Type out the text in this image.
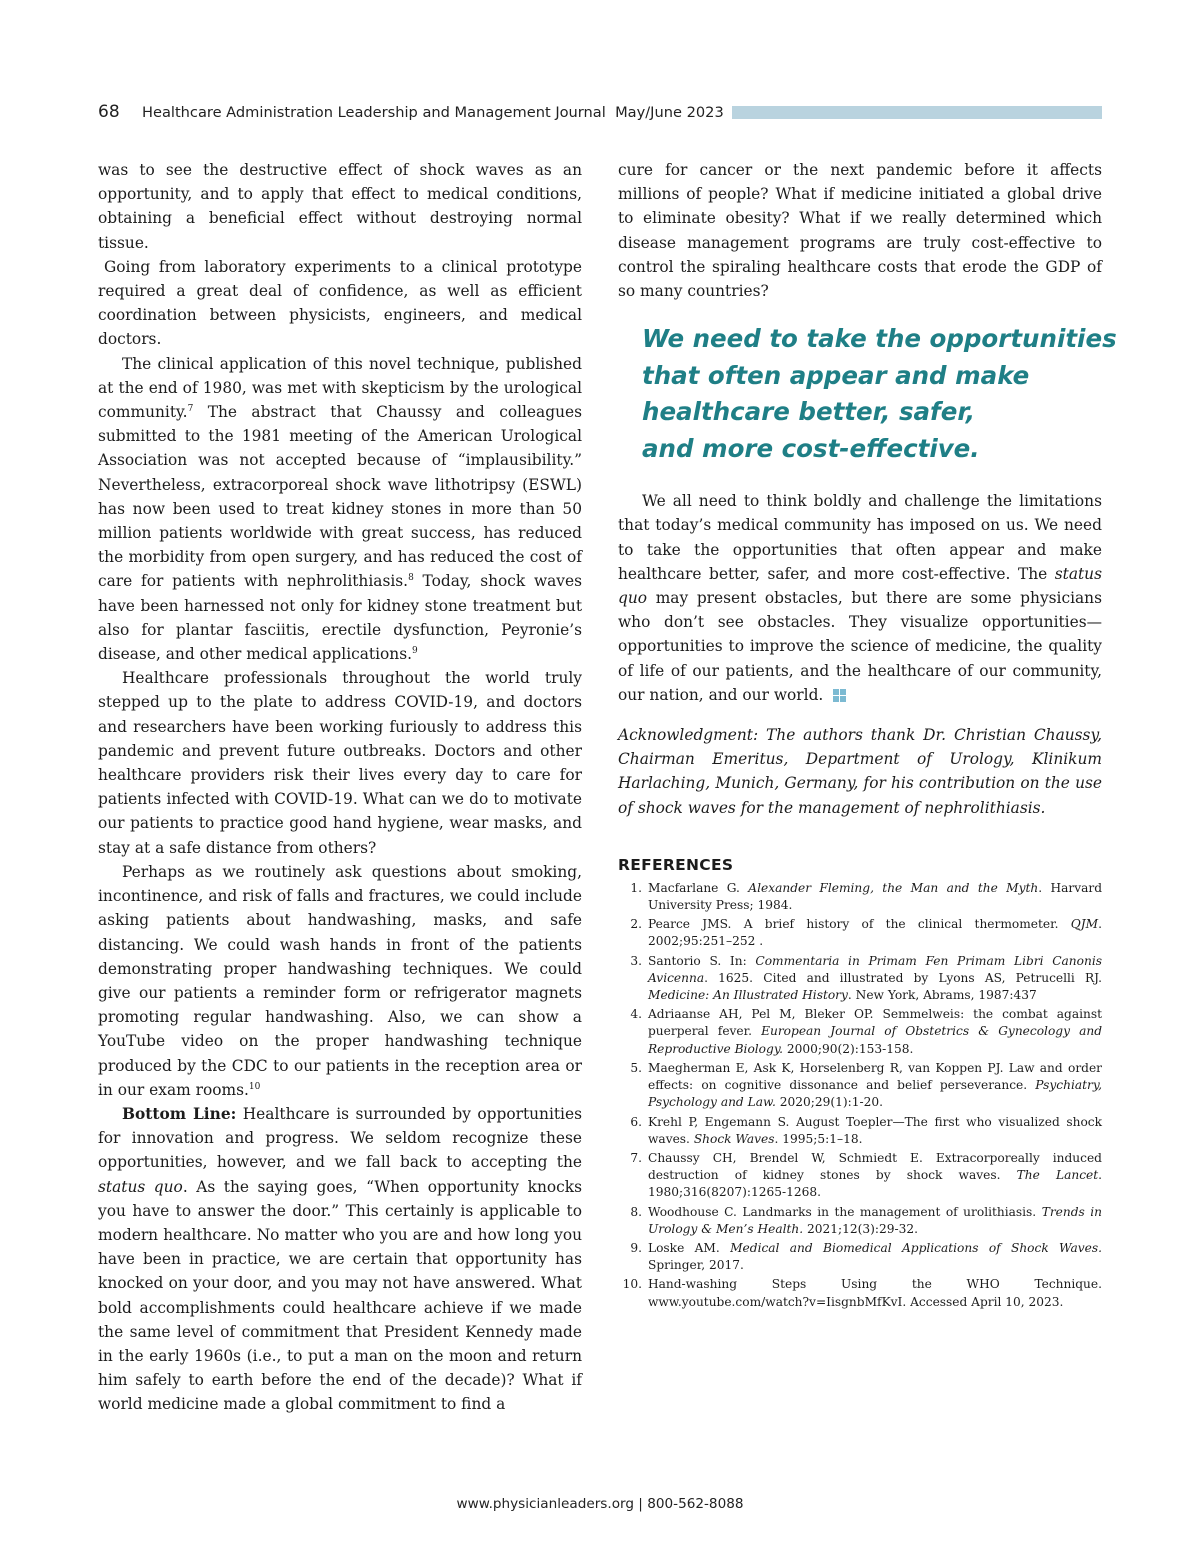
68	Healthcare Administration Leadership and Management Journal May/June 2023

was to see the destructive effect of shock waves as an opportunity, and to apply that effect to medical conditions, obtaining a beneficial effect without destroying normal tissue.

Going from laboratory experiments to a clinical prototype required a great deal of confidence, as well as efficient coordination between physicists, engineers, and medical doctors.

The clinical application of this novel technique, published at the end of 1980, was met with skepticism by the urological community.$^7$ The abstract that Chaussy and colleagues submitted to the 1981 meeting of the American Urological Association was not accepted because of “implausibility.” Nevertheless, extracorporeal shock wave lithotripsy (ESWL) has now been used to treat kidney stones in more than 50 million patients worldwide with great success, has reduced the morbidity from open surgery, and has reduced the cost of care for patients with nephrolithiasis.$^8$ Today, shock waves have been harnessed not only for kidney stone treatment but also for plantar fasciitis, erectile dysfunction, Peyronie’s disease, and other medical applications.$^9$

Healthcare professionals throughout the world truly stepped up to the plate to address COVID-19, and doctors and researchers have been working furiously to address this pandemic and prevent future outbreaks. Doctors and other healthcare providers risk their lives every day to care for patients infected with COVID-19. What can we do to motivate our patients to practice good hand hygiene, wear masks, and stay at a safe distance from others?

Perhaps as we routinely ask questions about smoking, incontinence, and risk of falls and fractures, we could include asking patients about handwashing, masks, and safe distancing. We could wash hands in front of the patients demonstrating proper handwashing techniques. We could give our patients a reminder form or refrigerator magnets promoting regular handwashing. Also, we can show a YouTube video on the proper handwashing technique produced by the CDC to our patients in the reception area or in our exam rooms.$^{10}$

Bottom Line: Healthcare is surrounded by opportunities for innovation and progress. We seldom recognize these opportunities, however, and we fall back to accepting the status quo. As the saying goes, “When opportunity knocks you have to answer the door.” This certainly is applicable to modern healthcare. No matter who you are and how long you have been in practice, we are certain that opportunity has knocked on your door, and you may not have answered. What bold accomplishments could healthcare achieve if we made the same level of commitment that President Kennedy made in the early 1960s (i.e., to put a man on the moon and return him safely to earth before the end of the decade)? What if world medicine made a global commitment to find a

cure for cancer or the next pandemic before it affects millions of people? What if medicine initiated a global drive to eliminate obesity? What if we really determined which disease management programs are truly cost-effective to control the spiraling healthcare costs that erode the GDP of so many countries?

We need to take the opportunities
that often appear and make
healthcare better, safer,
and more cost-effective.

We all need to think boldly and challenge the limitations that today’s medical community has imposed on us. We need to take the opportunities that often appear and make healthcare better, safer, and more cost-effective. The status quo may present obstacles, but there are some physicians who don’t see obstacles. They visualize opportunities—opportunities to improve the science of medicine, the quality of life of our patients, and the healthcare of our community, our nation, and our world.

Acknowledgment: The authors thank Dr. Christian Chaussy, Chairman Emeritus, Department of Urology, Klinikum Harlaching, Munich, Germany, for his contribution on the use of shock waves for the management of nephrolithiasis.

REFERENCES
1. Macfarlane G. Alexander Fleming, the Man and the Myth. Harvard University Press; 1984.
2. Pearce JMS. A brief history of the clinical thermometer. QJM. 2002;95:251–252 .
3. Santorio S. In: Commentaria in Primam Fen Primam Libri Canonis Avicenna. 1625. Cited and illustrated by Lyons AS, Petrucelli RJ. Medicine: An Illustrated History. New York, Abrams, 1987:437
4. Adriaanse AH, Pel M, Bleker OP. Semmelweis: the combat against puerperal fever. European Journal of Obstetrics & Gynecology and Reproductive Biology. 2000;90(2):153-158.
5. Maegherman E, Ask K, Horselenberg R, van Koppen PJ. Law and order effects: on cognitive dissonance and belief perseverance. Psychiatry, Psychology and Law. 2020;29(1):1-20.
6. Krehl P, Engemann S. August Toepler—The first who visualized shock waves. Shock Waves. 1995;5:1–18.
7. Chaussy CH, Brendel W, Schmiedt E. Extracorporeally induced destruction of kidney stones by shock waves. The Lancet. 1980;316(8207):1265-1268.
8. Woodhouse C. Landmarks in the management of urolithiasis. Trends in Urology & Men’s Health. 2021;12(3):29-32.
9. Loske AM. Medical and Biomedical Applications of Shock Waves. Springer, 2017.
10. Hand-washing Steps Using the WHO Technique. www.youtube.com/watch?v=IisgnbMfKvI. Accessed April 10, 2023.
www.physicianleaders.org | 800-562-8088
